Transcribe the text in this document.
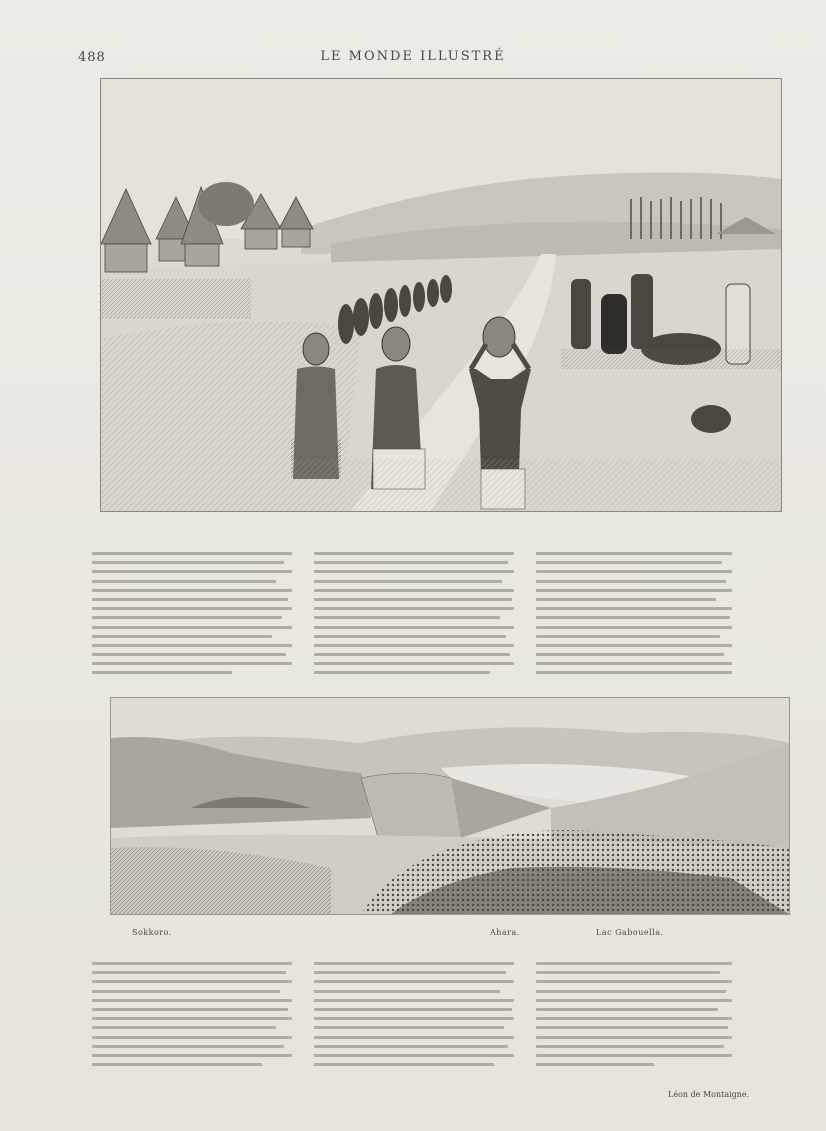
488	LE MONDE ILLUSTRÉ

Sokkoro.	Ahara.	Lac Gabouella.
Léon de Montaigne.
